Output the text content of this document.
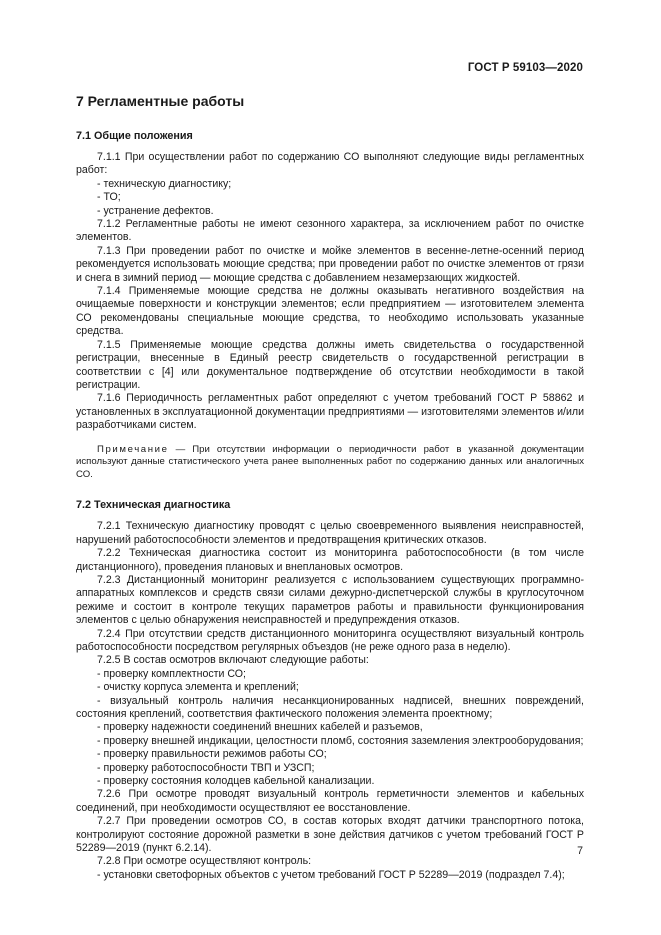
ГОСТ Р 59103—2020
7 Регламентные работы
7.1 Общие положения

7.1.1 При осуществлении работ по содержанию СО выполняют следующие виды регламентных работ:

- техническую диагностику;

- ТО;

- устранение дефектов.

7.1.2 Регламентные работы не имеют сезонного характера, за исключением работ по очистке элементов.

7.1.3 При проведении работ по очистке и мойке элементов в весенне-летне-осенний период рекомендуется использовать моющие средства; при проведении работ по очистке элементов от грязи и снега в зимний период — моющие средства с добавлением незамерзающих жидкостей.

7.1.4 Применяемые моющие средства не должны оказывать негативного воздействия на очищаемые поверхности и конструкции элементов; если предприятием — изготовителем элемента СО рекомендованы специальные моющие средства, то необходимо использовать указанные средства.

7.1.5 Применяемые моющие средства должны иметь свидетельства о государственной регистрации, внесенные в Единый реестр свидетельств о государственной регистрации в соответствии с [4] или документальное подтверждение об отсутствии необходимости в такой регистрации.

7.1.6 Периодичность регламентных работ определяют с учетом требований ГОСТ Р 58862 и установленных в эксплуатационной документации предприятиями — изготовителями элементов и/или разработчиками систем.

Примечание — При отсутствии информации о периодичности работ в указанной документации используют данные статистического учета ранее выполненных работ по содержанию данных или аналогичных СО.

7.2 Техническая диагностика

7.2.1 Техническую диагностику проводят с целью своевременного выявления неисправностей, нарушений работоспособности элементов и предотвращения критических отказов.

7.2.2 Техническая диагностика состоит из мониторинга работоспособности (в том числе дистанционного), проведения плановых и внеплановых осмотров.

7.2.3 Дистанционный мониторинг реализуется с использованием существующих программно-аппаратных комплексов и средств связи силами дежурно-диспетчерской службы в круглосуточном режиме и состоит в контроле текущих параметров работы и правильности функционирования элементов с целью обнаружения неисправностей и предупреждения отказов.

7.2.4 При отсутствии средств дистанционного мониторинга осуществляют визуальный контроль работоспособности посредством регулярных объездов (не реже одного раза в неделю).

7.2.5 В состав осмотров включают следующие работы:

- проверку комплектности СО;

- очистку корпуса элемента и креплений;

- визуальный контроль наличия несанкционированных надписей, внешних повреждений, состояния креплений, соответствия фактического положения элемента проектному;

- проверку надежности соединений внешних кабелей и разъемов,

- проверку внешней индикации, целостности пломб, состояния заземления электрооборудования;

- проверку правильности режимов работы СО;

- проверку работоспособности ТВП и УЗСП;

- проверку состояния колодцев кабельной канализации.

7.2.6 При осмотре проводят визуальный контроль герметичности элементов и кабельных соединений, при необходимости осуществляют ее восстановление.

7.2.7 При проведении осмотров СО, в состав которых входят датчики транспортного потока, контролируют состояние дорожной разметки в зоне действия датчиков с учетом требований ГОСТ Р 52289—2019 (пункт 6.2.14).

7.2.8 При осмотре осуществляют контроль:

- установки светофорных объектов с учетом требований ГОСТ Р 52289—2019 (подраздел 7.4);

7
